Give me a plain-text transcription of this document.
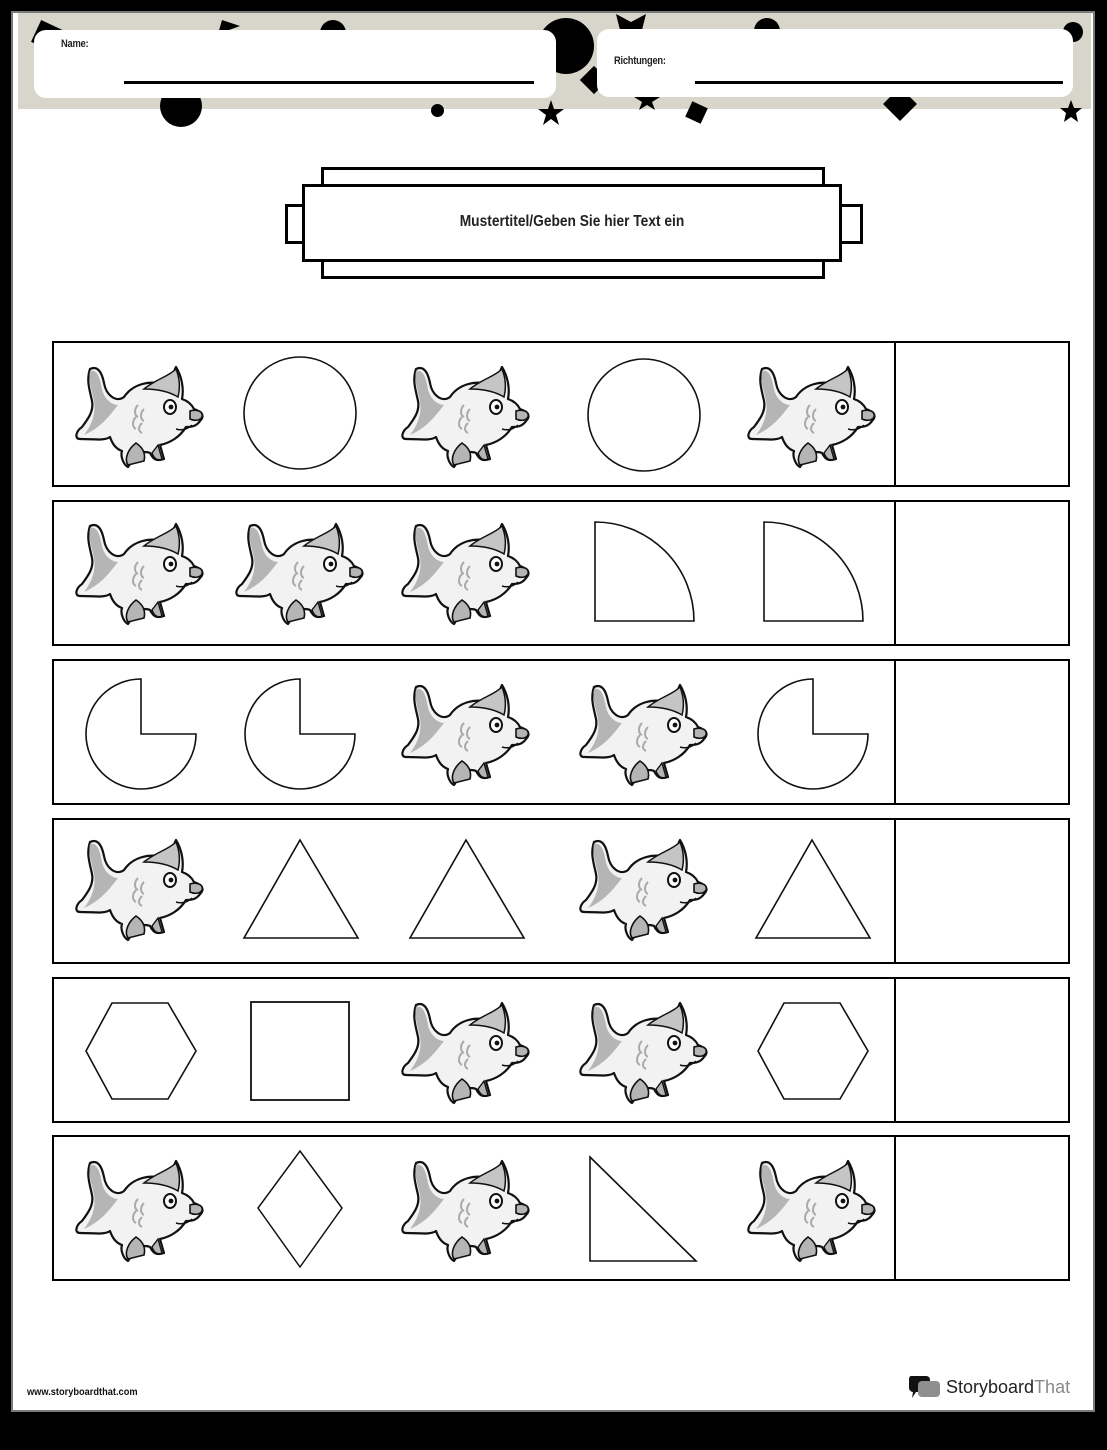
Name:
Richtungen:
Mustertitel/Geben Sie hier Text ein
www.storyboardthat.com	StoryboardThat
